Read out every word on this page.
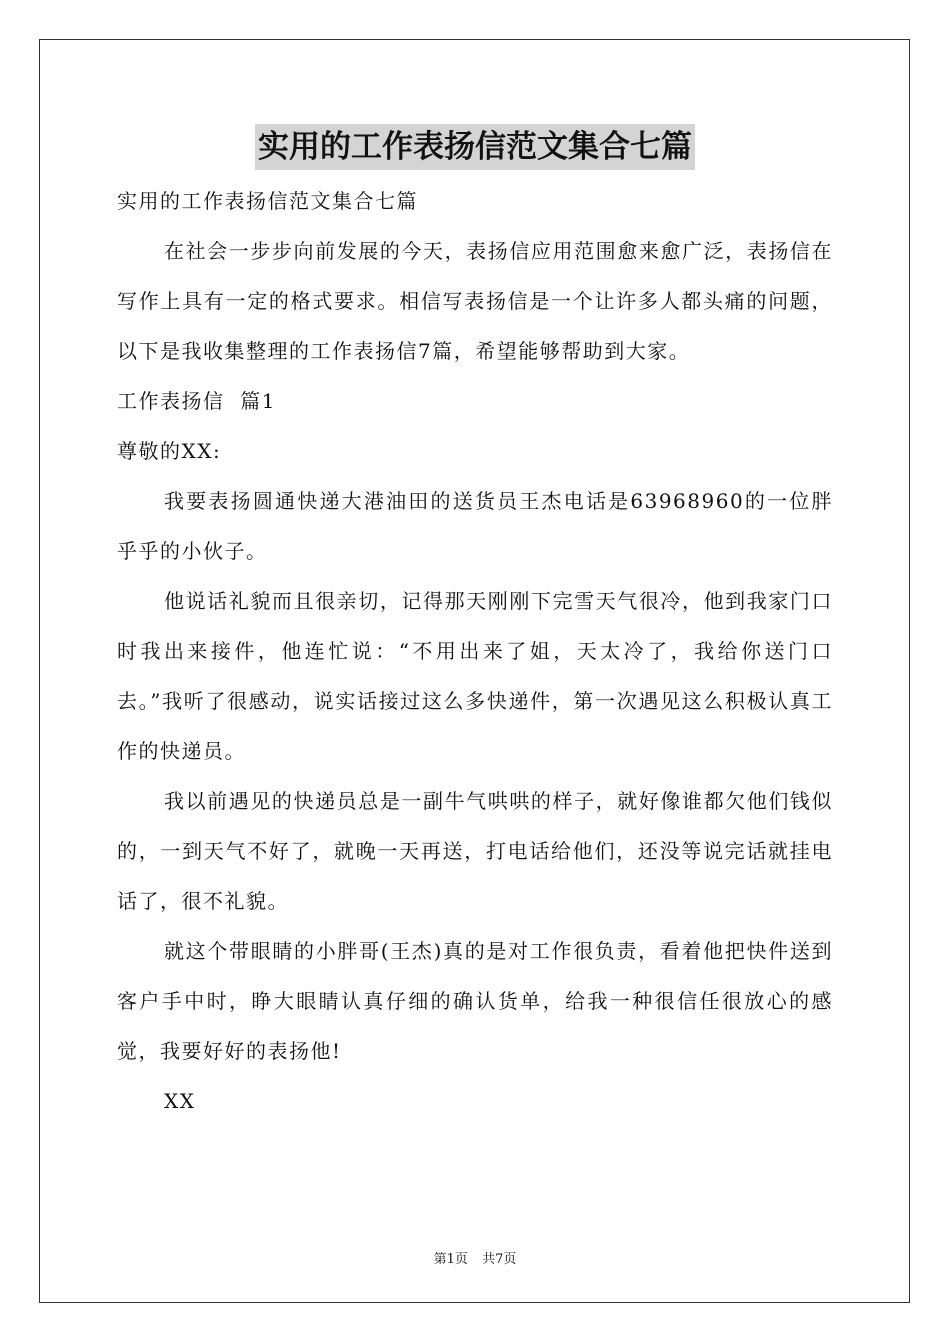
实用的工作表扬信范文集合七篇

实用的工作表扬信范文集合七篇

在社会一步步向前发展的今天，表扬信应用范围愈来愈广泛，表扬信在写作上具有一定的格式要求。相信写表扬信是一个让许多人都头痛的问题，以下是我收集整理的工作表扬信7篇，希望能够帮助到大家。

工作表扬信  篇1

尊敬的XX:

我要表扬圆通快递大港油田的送货员王杰电话是63968960的一位胖乎乎的小伙子。

他说话礼貌而且很亲切，记得那天刚刚下完雪天气很冷，他到我家门口时我出来接件，他连忙说：“不用出来了姐，天太冷了，我给你送门口去。”我听了很感动，说实话接过这么多快递件，第一次遇见这么积极认真工作的快递员。

我以前遇见的快递员总是一副牛气哄哄的样子，就好像谁都欠他们钱似的，一到天气不好了，就晚一天再送，打电话给他们，还没等说完话就挂电话了，很不礼貌。

就这个带眼睛的小胖哥(王杰)真的是对工作很负责，看着他把快件送到客户手中时，睁大眼睛认真仔细的确认货单，给我一种很信任很放心的感觉，我要好好的表扬他!

XX

第1页 共7页
